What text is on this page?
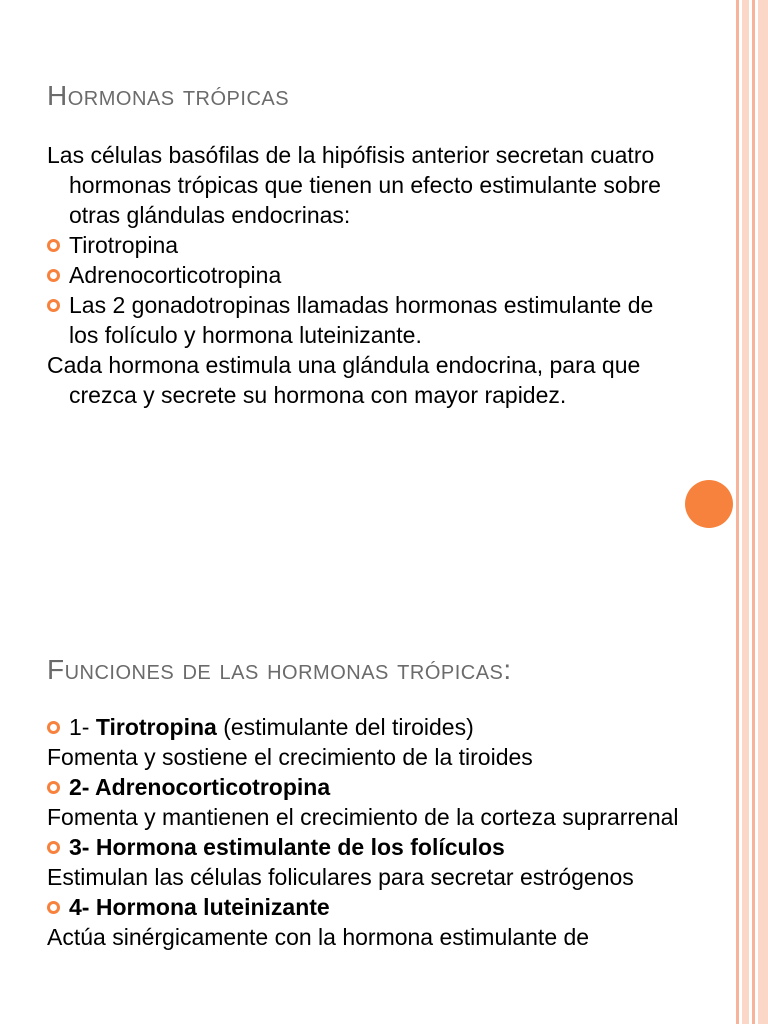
Hormonas trópicas

Las células basófilas de la hipófisis anterior secretan cuatro hormonas trópicas que tienen un efecto estimulante sobre otras glándulas endocrinas:

Tirotropina

Adrenocorticotropina

Las 2 gonadotropinas llamadas hormonas estimulante de los folículo y hormona luteinizante.

Cada hormona estimula una glándula endocrina, para que crezca y secrete su hormona con mayor rapidez.

Funciones de las hormonas trópicas:

1- Tirotropina (estimulante del tiroides)

Fomenta y sostiene el crecimiento de la tiroides

2- Adrenocorticotropina

Fomenta y mantienen el crecimiento de la corteza suprarrenal

3- Hormona estimulante de los folículos

Estimulan las células foliculares para secretar estrógenos

4- Hormona luteinizante

Actúa sinérgicamente con la hormona estimulante de
